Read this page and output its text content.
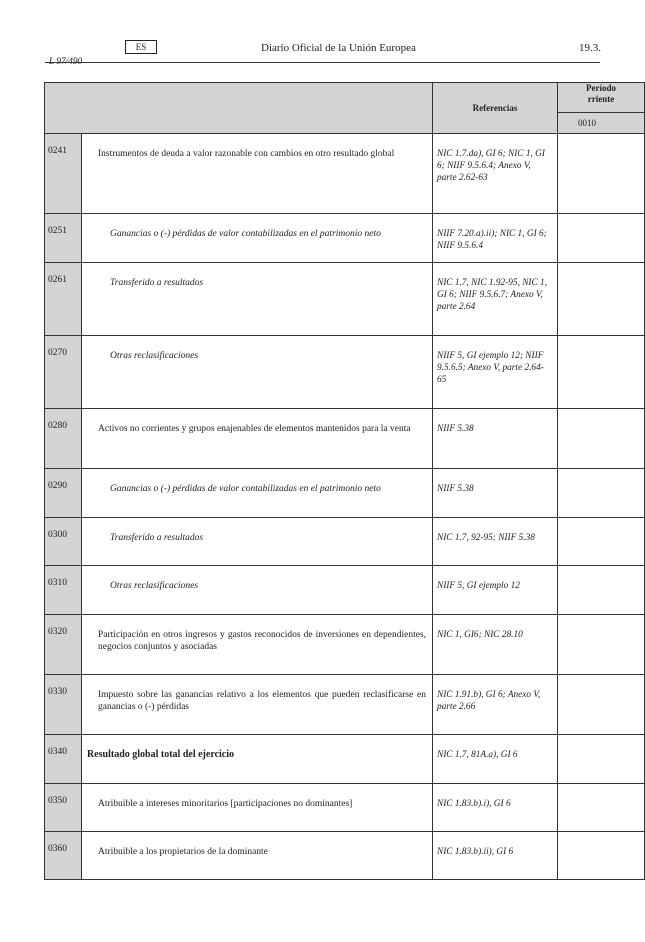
L 97/490
ES	Diario Oficial de la Unión Europea	19.3.
		Referencias	Período
rriente
			0010
0241	Instrumentos de deuda a valor razonable con cambios en otro resultado global	NIC 1.7.da), GI 6; NIC 1, GI 6; NIIF 9.5.6.4; Anexo V, parte 2.62-63	
0251	Ganancias o (-) pérdidas de valor contabilizadas en el patrimonio neto	NIIF 7.20.a).ii); NIC 1, GI 6; NIIF 9.5.6.4	
0261	Transferido a resultados	NIC 1.7, NIC 1.92-95, NIC 1, GI 6; NIIF 9.5.6.7; Anexo V, parte 2.64	
0270	Otras reclasificaciones	NIIF 5, GI ejemplo 12; NIIF 9.5.6.5; Anexo V, parte 2.64-65	
0280	Activos no corrientes y grupos enajenables de elementos mantenidos para la venta	NIIF 5.38	
0290	Ganancias o (-) pérdidas de valor contabilizadas en el patrimonio neto	NIIF 5.38	
0300	Transferido a resultados	NIC 1.7, 92-95; NIIF 5.38	
0310	Otras reclasificaciones	NIIF 5, GI ejemplo 12	
0320	Participación en otros ingresos y gastos reconocidos de inversiones en dependientes, negocios conjuntos y asociadas	NIC 1, GI6; NIC 28.10	
0330	Impuesto sobre las ganancias relativo a los elementos que pueden reclasificarse en ganancias o (-) pérdidas	NIC 1.91.b), GI 6; Anexo V, parte 2.66	
0340	Resultado global total del ejercicio	NIC 1.7, 81A.a), GI 6	
0350	Atribuible a intereses minoritarios [participaciones no dominantes]	NIC 1.83.b).i), GI 6	
0360	Atribuible a los propietarios de la dominante	NIC 1.83.b).ii), GI 6	
